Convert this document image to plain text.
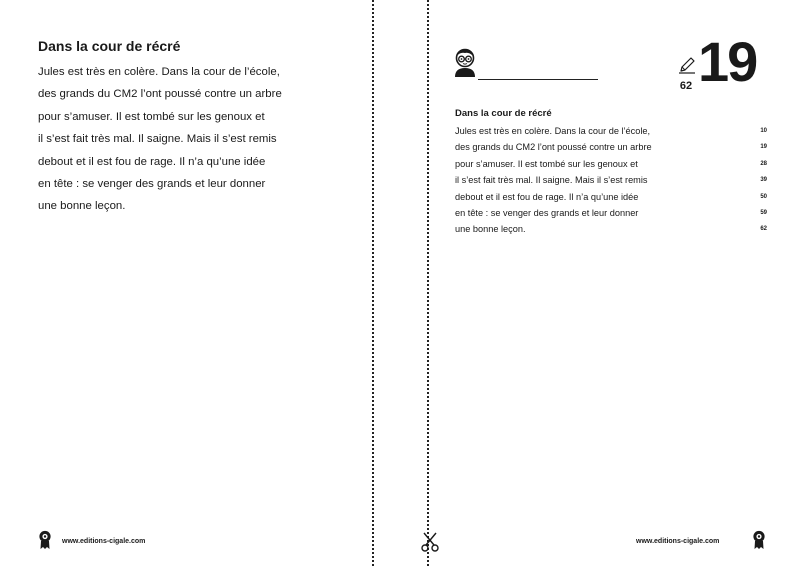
Dans la cour de récré
Jules est très en colère. Dans la cour de l’école,
des grands du CM2 l’ont poussé contre un arbre
pour s’amuser. Il est tombé sur les genoux et
il s’est fait très mal. Il saigne. Mais il s’est remis
debout et il est fou de rage. Il n’a qu’une idée
en tête : se venger des grands et leur donner
une bonne leçon.
www.editions-cigale.com
62 19
Dans la cour de récré
Jules est très en colère. Dans la cour de l’école,	10
des grands du CM2 l’ont poussé contre un arbre	19
pour s’amuser. Il est tombé sur les genoux et	28
il s’est fait très mal. Il saigne. Mais il s’est remis	39
debout et il est fou de rage. Il n’a qu’une idée	50
en tête : se venger des grands et leur donner	59
une bonne leçon.	62
www.editions-cigale.com
